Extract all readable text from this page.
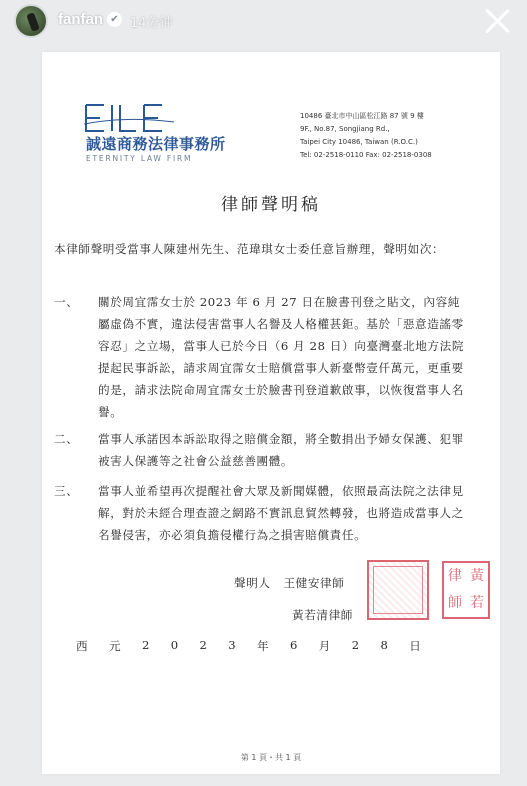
fanfan ✔ 14分钟
誠遠商務法律事務所
ETERNITY LAW FIRM
10486 臺北市中山區松江路 87 號 9 樓
9F., No.87, Songjiang Rd.,
Taipei City 10486, Taiwan (R.O.C.)
Tel: 02-2518-0110 Fax: 02-2518-0308
律師聲明稿
本律師聲明受當事人陳建州先生、范瑋琪女士委任意旨辦理，聲明如次：
一、	關於周宜霈女士於 2023 年 6 月 27 日在臉書刊登之貼文，內容純屬虛偽不實，違法侵害當事人名譽及人格權甚鉅。基於「惡意造謠零容忍」之立場，當事人已於今日（6 月 28 日）向臺灣臺北地方法院提起民事訴訟，請求周宜霈女士賠償當事人新臺幣壹仟萬元，更重要的是，請求法院命周宜霈女士於臉書刊登道歉啟事，以恢復當事人名譽。
二、	當事人承諾因本訴訟取得之賠償金額，將全數捐出予婦女保護、犯罪被害人保護等之社會公益慈善團體。
三、	當事人並希望再次提醒社會大眾及新聞媒體，依照最高法院之法律見解，對於未經合理查證之網路不實訊息貿然轉發，也將造成當事人之名譽侵害，亦必須負擔侵權行為之損害賠償責任。
聲明人 王健安律師
黃若清律師
律 黃
師 若
西 元 2 0 2 3 年 6 月 2 8 日
第 1 頁・共 1 頁
